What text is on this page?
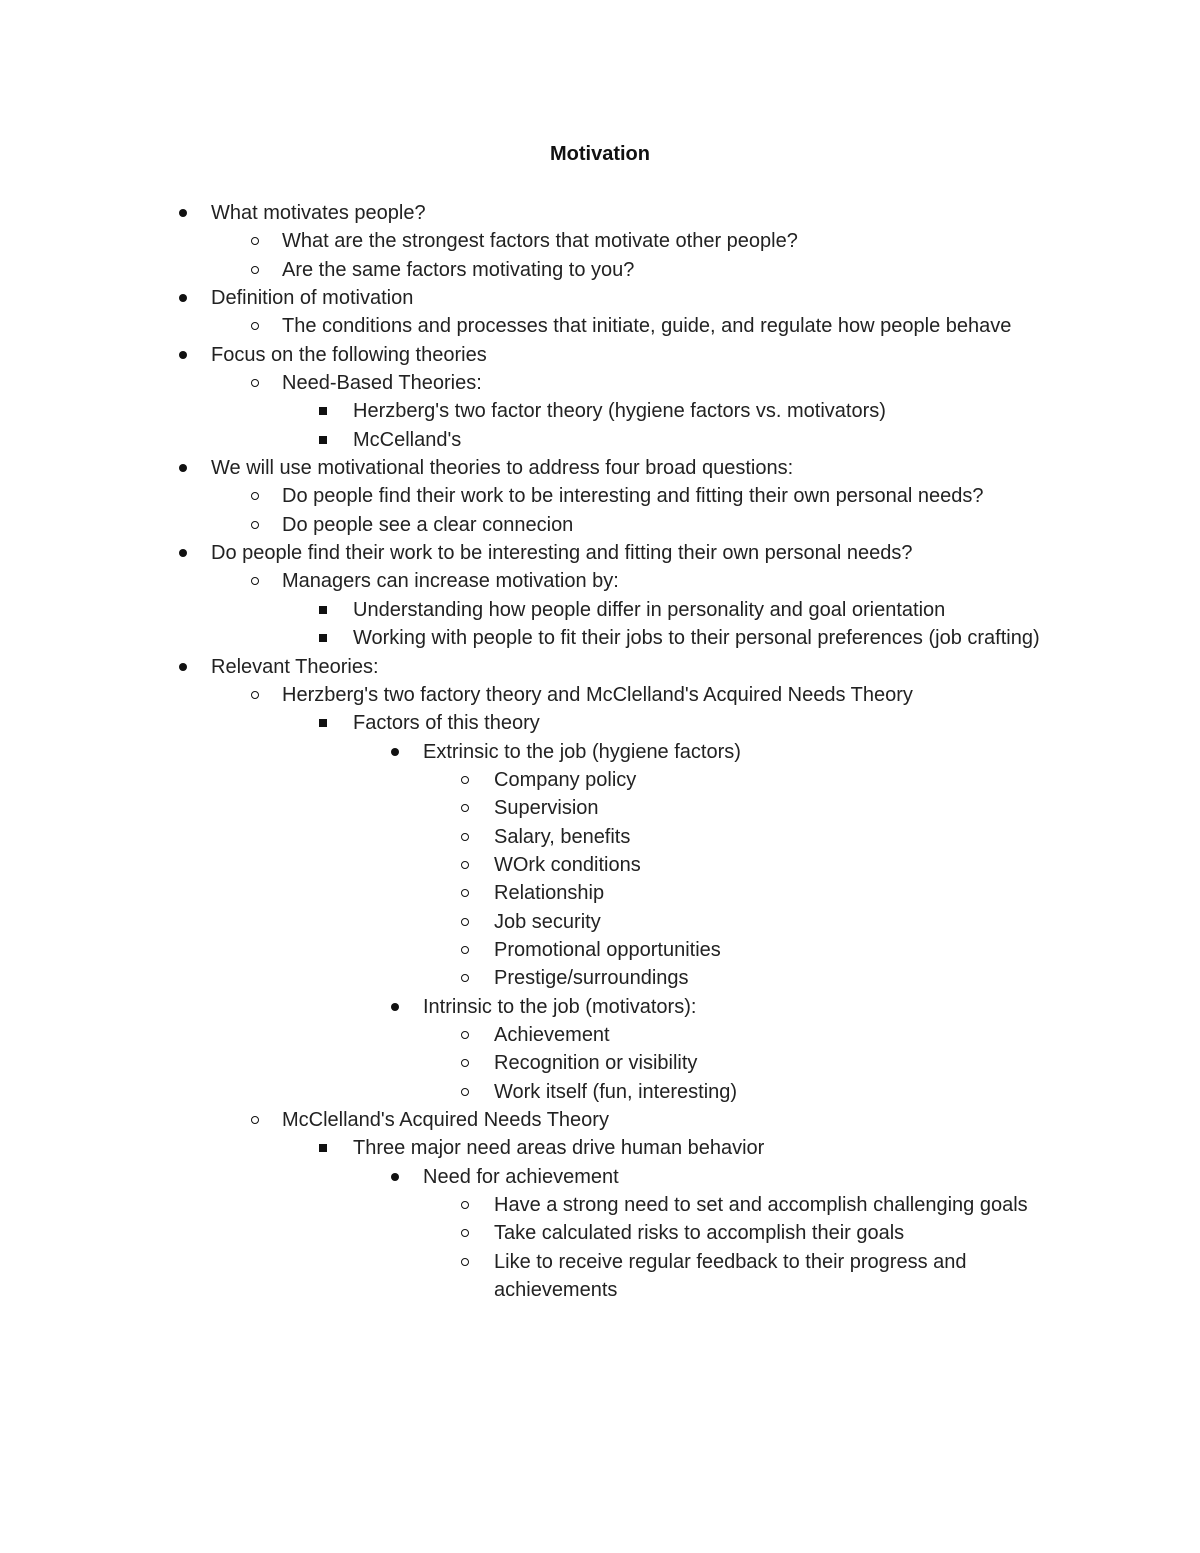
Motivation
What motivates people?
What are the strongest factors that motivate other people?
Are the same factors motivating to you?
Definition of motivation
The conditions and processes that initiate, guide, and regulate how people behave
Focus on the following theories
Need-Based Theories:
Herzberg's two factor theory (hygiene factors vs. motivators)
McCelland's
We will use motivational theories to address four broad questions:
Do people find their work to be interesting and fitting their own personal needs?
Do people see a clear connecion
Do people find their work to be interesting and fitting their own personal needs?
Managers can increase motivation by:
Understanding how people differ in personality and goal orientation
Working with people to fit their jobs to their personal preferences (job crafting)
Relevant Theories:
Herzberg's two factory theory and McClelland's Acquired Needs Theory
Factors of this theory
Extrinsic to the job (hygiene factors)
Company policy
Supervision
Salary, benefits
WOrk conditions
Relationship
Job security
Promotional opportunities
Prestige/surroundings
Intrinsic to the job (motivators):
Achievement
Recognition or visibility
Work itself (fun, interesting)
McClelland's Acquired Needs Theory
Three major need areas drive human behavior
Need for achievement
Have a strong need to set and accomplish challenging goals
Take calculated risks to accomplish their goals
Like to receive regular feedback to their progress and achievements
